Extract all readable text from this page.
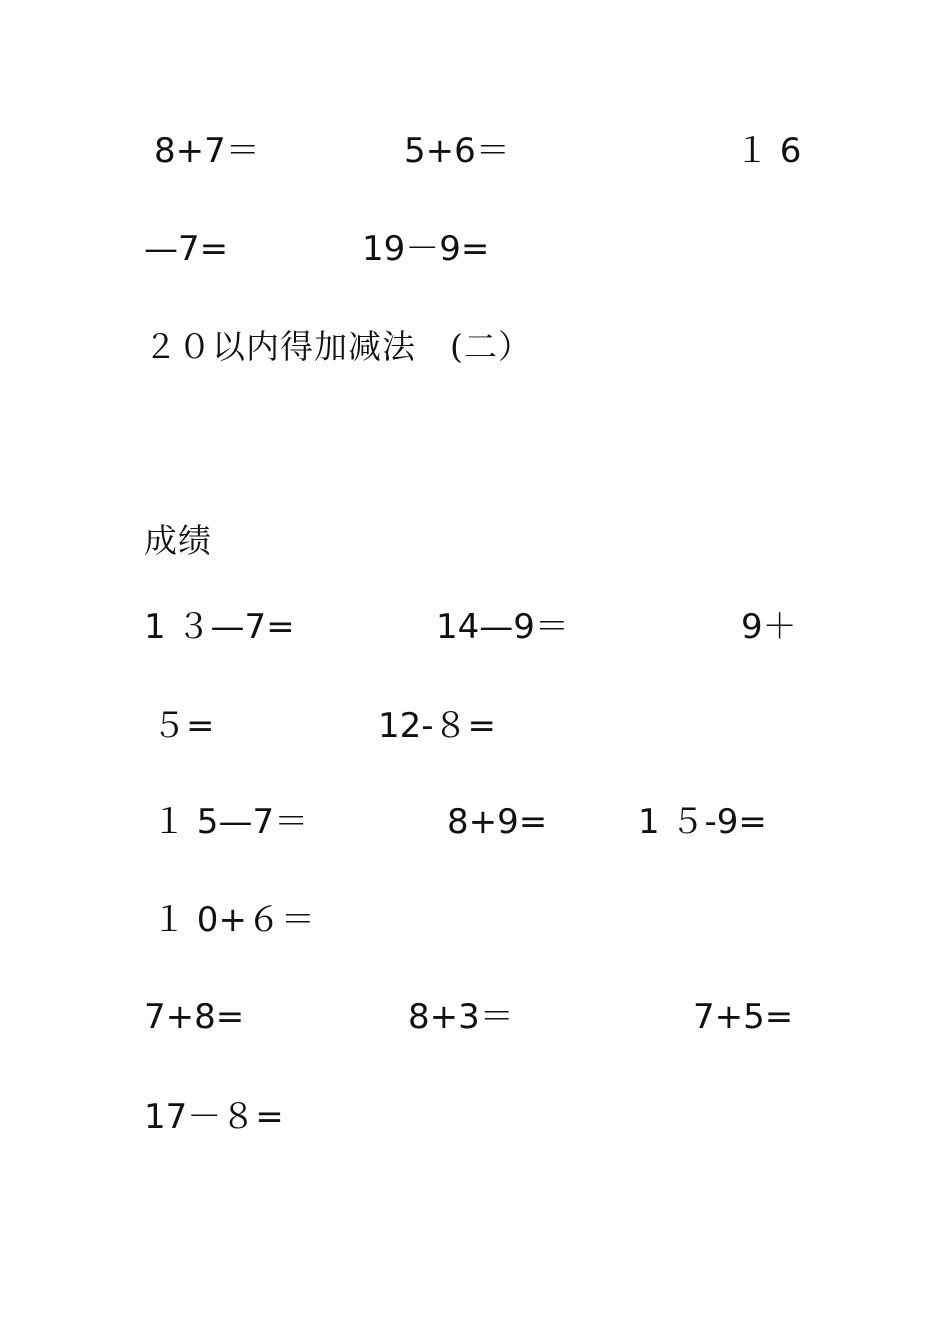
8+7＝	5+6＝	１ 6
—7=	19－9=
２０以内得加减法　(二）
成绩
1 ３—7=	14—9＝	9＋
５=	12-８=
１ 5—7＝	8+9=	1 ５-9=
１ 0+６＝
7+8=	8+3＝	7+5=
17－８=
